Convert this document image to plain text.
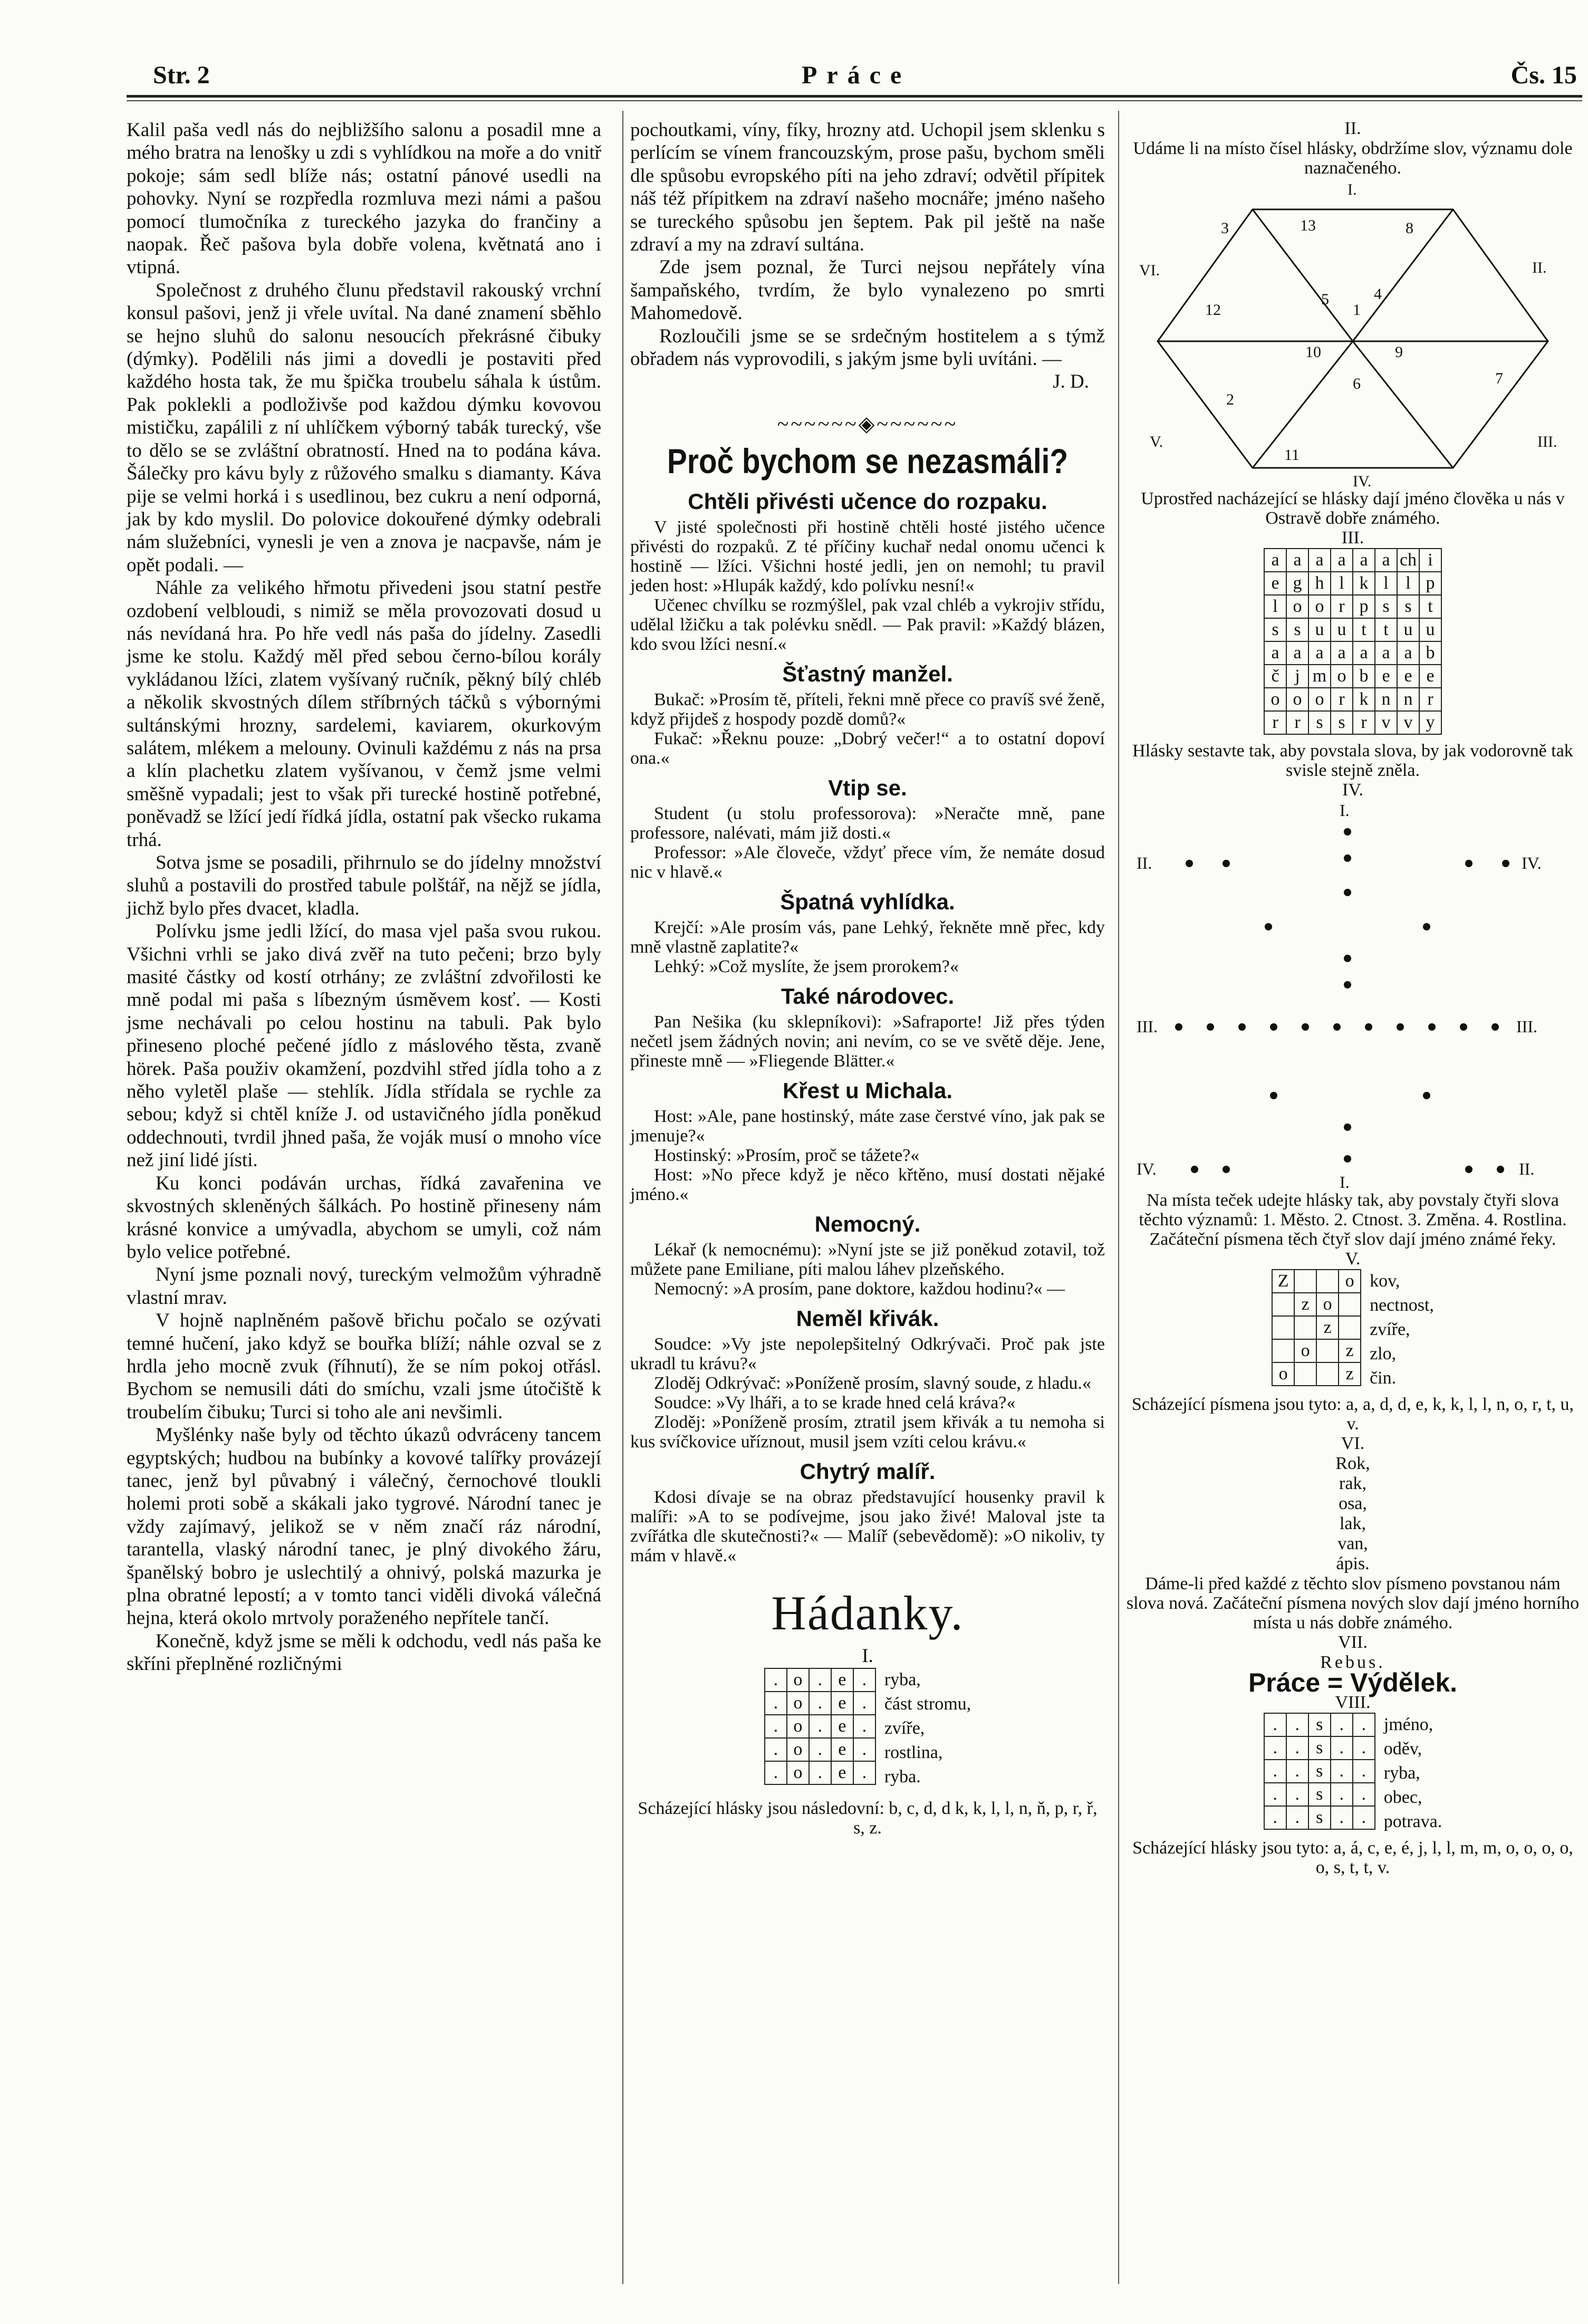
Str. 2	Práce	Čs. 15

Kalil paša vedl nás do nejbližšího salonu a posadil mne a mého bratra na lenošky u zdi s vyhlídkou na moře a do vnitř pokoje; sám sedl blíže nás; ostatní pánové usedli na pohovky. Nyní se rozpředla rozmluva mezi námi a pašou pomocí tlumočníka z tureckého jazyka do frančiny a naopak. Řeč pašova byla dobře volena, květnatá ano i vtipná.

Společnost z druhého člunu představil rakouský vrchní konsul pašovi, jenž ji vřele uvítal. Na dané znamení sběhlo se hejno sluhů do salonu nesoucích překrásné čibuky (dýmky). Podělili nás jimi a dovedli je postaviti před každého hosta tak, že mu špička troubelu sáhala k ústům. Pak poklekli a podloživše pod každou dýmku kovovou mističku, zapálili z ní uhlíčkem výborný tabák turecký, vše to dělo se se zvláštní obratností. Hned na to podána káva. Šálečky pro kávu byly z růžového smalku s diamanty. Káva pije se velmi horká i s usedlinou, bez cukru a není odporná, jak by kdo myslil. Do polovice dokouřené dýmky odebrali nám služebníci, vynesli je ven a znova je nacpavše, nám je opět podali. —

Náhle za velikého hřmotu přivedeni jsou statní pestře ozdobení velbloudi, s nimiž se měla provozovati dosud u nás nevídaná hra. Po hře vedl nás paša do jídelny. Zasedli jsme ke stolu. Každý měl před sebou černo-bílou korály vykládanou lžíci, zlatem vyšívaný ručník, pěkný bílý chléb a několik skvostných dílem stříbrných táčků s výbornými sultánskými hrozny, sardelemi, kaviarem, okurkovým salátem, mlékem a melouny. Ovinuli každému z nás na prsa a klín plachetku zlatem vyšívanou, v čemž jsme velmi směšně vypadali; jest to však při turecké hostině potřebné, poněvadž se lžící jedí řídká jídla, ostatní pak všecko rukama trhá.

Sotva jsme se posadili, přihrnulo se do jídelny množství sluhů a postavili do prostřed tabule polštář, na nějž se jídla, jichž bylo přes dvacet, kladla.

Polívku jsme jedli lžící, do masa vjel paša svou rukou. Všichni vrhli se jako divá zvěř na tuto pečeni; brzo byly masité částky od kostí otrhány; ze zvláštní zdvořilosti ke mně podal mi paša s líbezným úsměvem kosť. — Kosti jsme nechávali po celou hostinu na tabuli. Pak bylo přineseno ploché pečené jídlo z máslového těsta, zvaně hörek. Paša použiv okamžení, pozdvihl střed jídla toho a z něho vyletěl plaše — stehlík. Jídla střídala se rychle za sebou; když si chtěl kníže J. od ustavičného jídla poněkud oddechnouti, tvrdil jhned paša, že voják musí o mnoho více než jiní lidé jísti.

Ku konci podáván urchas, řídká zavařenina ve skvostných skleněných šálkách. Po hostině přineseny nám krásné konvice a umývadla, abychom se umyli, což nám bylo velice potřebné.

Nyní jsme poznali nový, tureckým velmožům výhradně vlastní mrav.

V hojně naplněném pašově břichu počalo se ozývati temné hučení, jako když se bouřka blíží; náhle ozval se z hrdla jeho mocně zvuk (říhnutí), že se ním pokoj otřásl. Bychom se nemusili dáti do smíchu, vzali jsme útočiště k troubelím čibuku; Turci si toho ale ani nevšimli.

Myšlénky naše byly od těchto úkazů odvráceny tancem egyptských; hudbou na bubínky a kovové talířky provázejí tanec, jenž byl půvabný i válečný, černochové tloukli holemi proti sobě a skákali jako tygrové. Národní tanec je vždy zajímavý, jelikož se v něm značí ráz národní, tarantella, vlaský národní tanec, je plný divokého žáru, španělský bobro je uslechtilý a ohnivý, polská mazurka je plna obratné lepostí; a v tomto tanci viděli divoká válečná hejna, která okolo mrtvoly poraženého nepřítele tančí.

Konečně, když jsme se měli k odchodu, vedl nás paša ke skříni přeplněné rozličnými

pochoutkami, víny, fíky, hrozny atd. Uchopil jsem sklenku s perlícím se vínem francouzským, prose pašu, bychom směli dle spůsobu evropského píti na jeho zdraví; odvětil přípitek náš též přípitkem na zdraví našeho mocnáře; jméno našeho se tureckého spůsobu jen šeptem. Pak pil ještě na naše zdraví a my na zdraví sultána.

Zde jsem poznal, že Turci nejsou nepřátely vína šampaňského, tvrdím, že bylo vynalezeno po smrti Mahomedově.

Rozloučili jsme se se srdečným hostitelem a s týmž obřadem nás vyprovodili, s jakým jsme byli uvítáni. —

J. D.
~~~~~~◈~~~~~~
Proč bychom se nezasmáli?
Chtěli přivésti učence do rozpaku.

V jisté společnosti při hostině chtěli hosté jistého učence přivésti do rozpaků. Z té příčiny kuchař nedal onomu učenci k hostině — lžíci. Všichni hosté jedli, jen on nemohl; tu pravil jeden host: »Hlupák každý, kdo polívku nesní!«

Učenec chvílku se rozmýšlel, pak vzal chléb a vykrojiv střídu, udělal lžičku a tak polévku snědl. — Pak pravil: »Každý blázen, kdo svou lžíci nesní.«

Šťastný manžel.

Bukač: »Prosím tě, příteli, řekni mně přece co pravíš své ženě, když přijdeš z hospody pozdě domů?«

Fukač: »Řeknu pouze: „Dobrý večer!“ a to ostatní dopoví ona.«

Vtip se.

Student (u stolu professorova): »Neračte mně, pane professore, nalévati, mám již dosti.«

Professor: »Ale človeče, vždyť přece vím, že nemáte dosud nic v hlavě.«

Špatná vyhlídka.

Krejčí: »Ale prosím vás, pane Lehký, řekněte mně přec, kdy mně vlastně zaplatite?«

Lehký: »Což myslíte, že jsem prorokem?«

Také národovec.

Pan Nešika (ku sklepníkovi): »Safraporte! Již přes týden nečetl jsem žádných novin; ani nevím, co se ve světě děje. Jene, přineste mně — »Fliegende Blätter.«

Křest u Michala.

Host: »Ale, pane hostinský, máte zase čerstvé víno, jak pak se jmenuje?«

Hostinský: »Prosím, proč se tážete?«

Host: »No přece když je něco křtěno, musí dostati nějaké jméno.«

Nemocný.

Lékař (k nemocnému): »Nyní jste se již poněkud zotavil, tož můžete pane Emiliane, píti malou láhev plzeňského.

Nemocný: »A prosím, pane doktore, každou hodinu?« —

Neměl křivák.

Soudce: »Vy jste nepolepšitelný Odkrývači. Proč pak jste ukradl tu krávu?«

Zloděj Odkrývač: »Poníženě prosím, slavný soude, z hladu.«

Soudce: »Vy lháři, a to se krade hned celá kráva?«

Zloděj: »Poníženě prosím, ztratil jsem křivák a tu nemoha si kus svíčkovice uříznout, musil jsem vzíti celou krávu.«

Chytrý malíř.

Kdosi dívaje se na obraz představující housenky pravil k malíři: »A to se podívejme, jsou jako živé! Maloval jste ta zvířátka dle skutečnosti?« — Malíř (sebevědomě): »O nikoliv, ty mám v hlavě.«

Hádanky.
I.
.	o	.	e	.
.	o	.	e	.
.	o	.	e	.
.	o	.	e	.
.	o	.	e	.
ryba,
část stromu,
zvíře,
rostlina,
ryba.
Scházející hlásky jsou následovní: b, c, d, d k, k, l, l, n, ň, p, r, ř, s, z.
II.
Udáme li na místo čísel hlásky, obdržíme slov, významu dole naznačeného.
I.
II.
III.
IV.
V.
VI.
1
2
3
4
5
6	7
8
9
10
11
12
13
Uprostřed nacházející se hlásky dají jméno člověka u nás v Ostravě dobře známého.
III.
a	a	a	a	a	a	ch	i
e	g	h	l	k	l	l	p
l	o	o	r	p	s	s	t
s	s	u	u	t	t	u	u
a	a	a	a	a	a	a	b
č	j	m	o	b	e	e	e
o	o	o	r	k	n	n	r
r	r	s	s	r	v	v	y
Hlásky sestavte tak, aby povstala slova, by jak vodorovně tak svisle stejně zněla.
IV.
I.
II.	IV.
III.	III.
IV.	II.
I.
Na místa teček udejte hlásky tak, aby povstaly čtyři slova těchto významů: 1. Město. 2. Ctnost. 3. Změna. 4. Rostlina. Začáteční písmena těch čtyř slov dají jméno známé řeky.
V.
Z			o
	z	o	
		z	
	o		z
o			z
kov,
nectnost,
zvíře,
zlo,
čin.
Scházející písmena jsou tyto: a, a, d, d, e, k, k, l, l, n, o, r, t, u, v.
VI.
Rok,
rak,
osa,
lak,
van,
ápis.
Dáme-li před každé z těchto slov písmeno povstanou nám slova nová. Začáteční písmena nových slov dají jméno horního místa u nás dobře známého.
VII.
Rebus.
Práce = Výdělek.
VIII.
.	.	s	.	.
.	.	s	.	.
.	.	s	.	.
.	.	s	.	.
.	.	s	.	.
jméno,
oděv,
ryba,
obec,
potrava.
Scházející hlásky jsou tyto: a, á, c, e, é, j, l, l, m, m, o, o, o, o, o, s, t, t, v.
